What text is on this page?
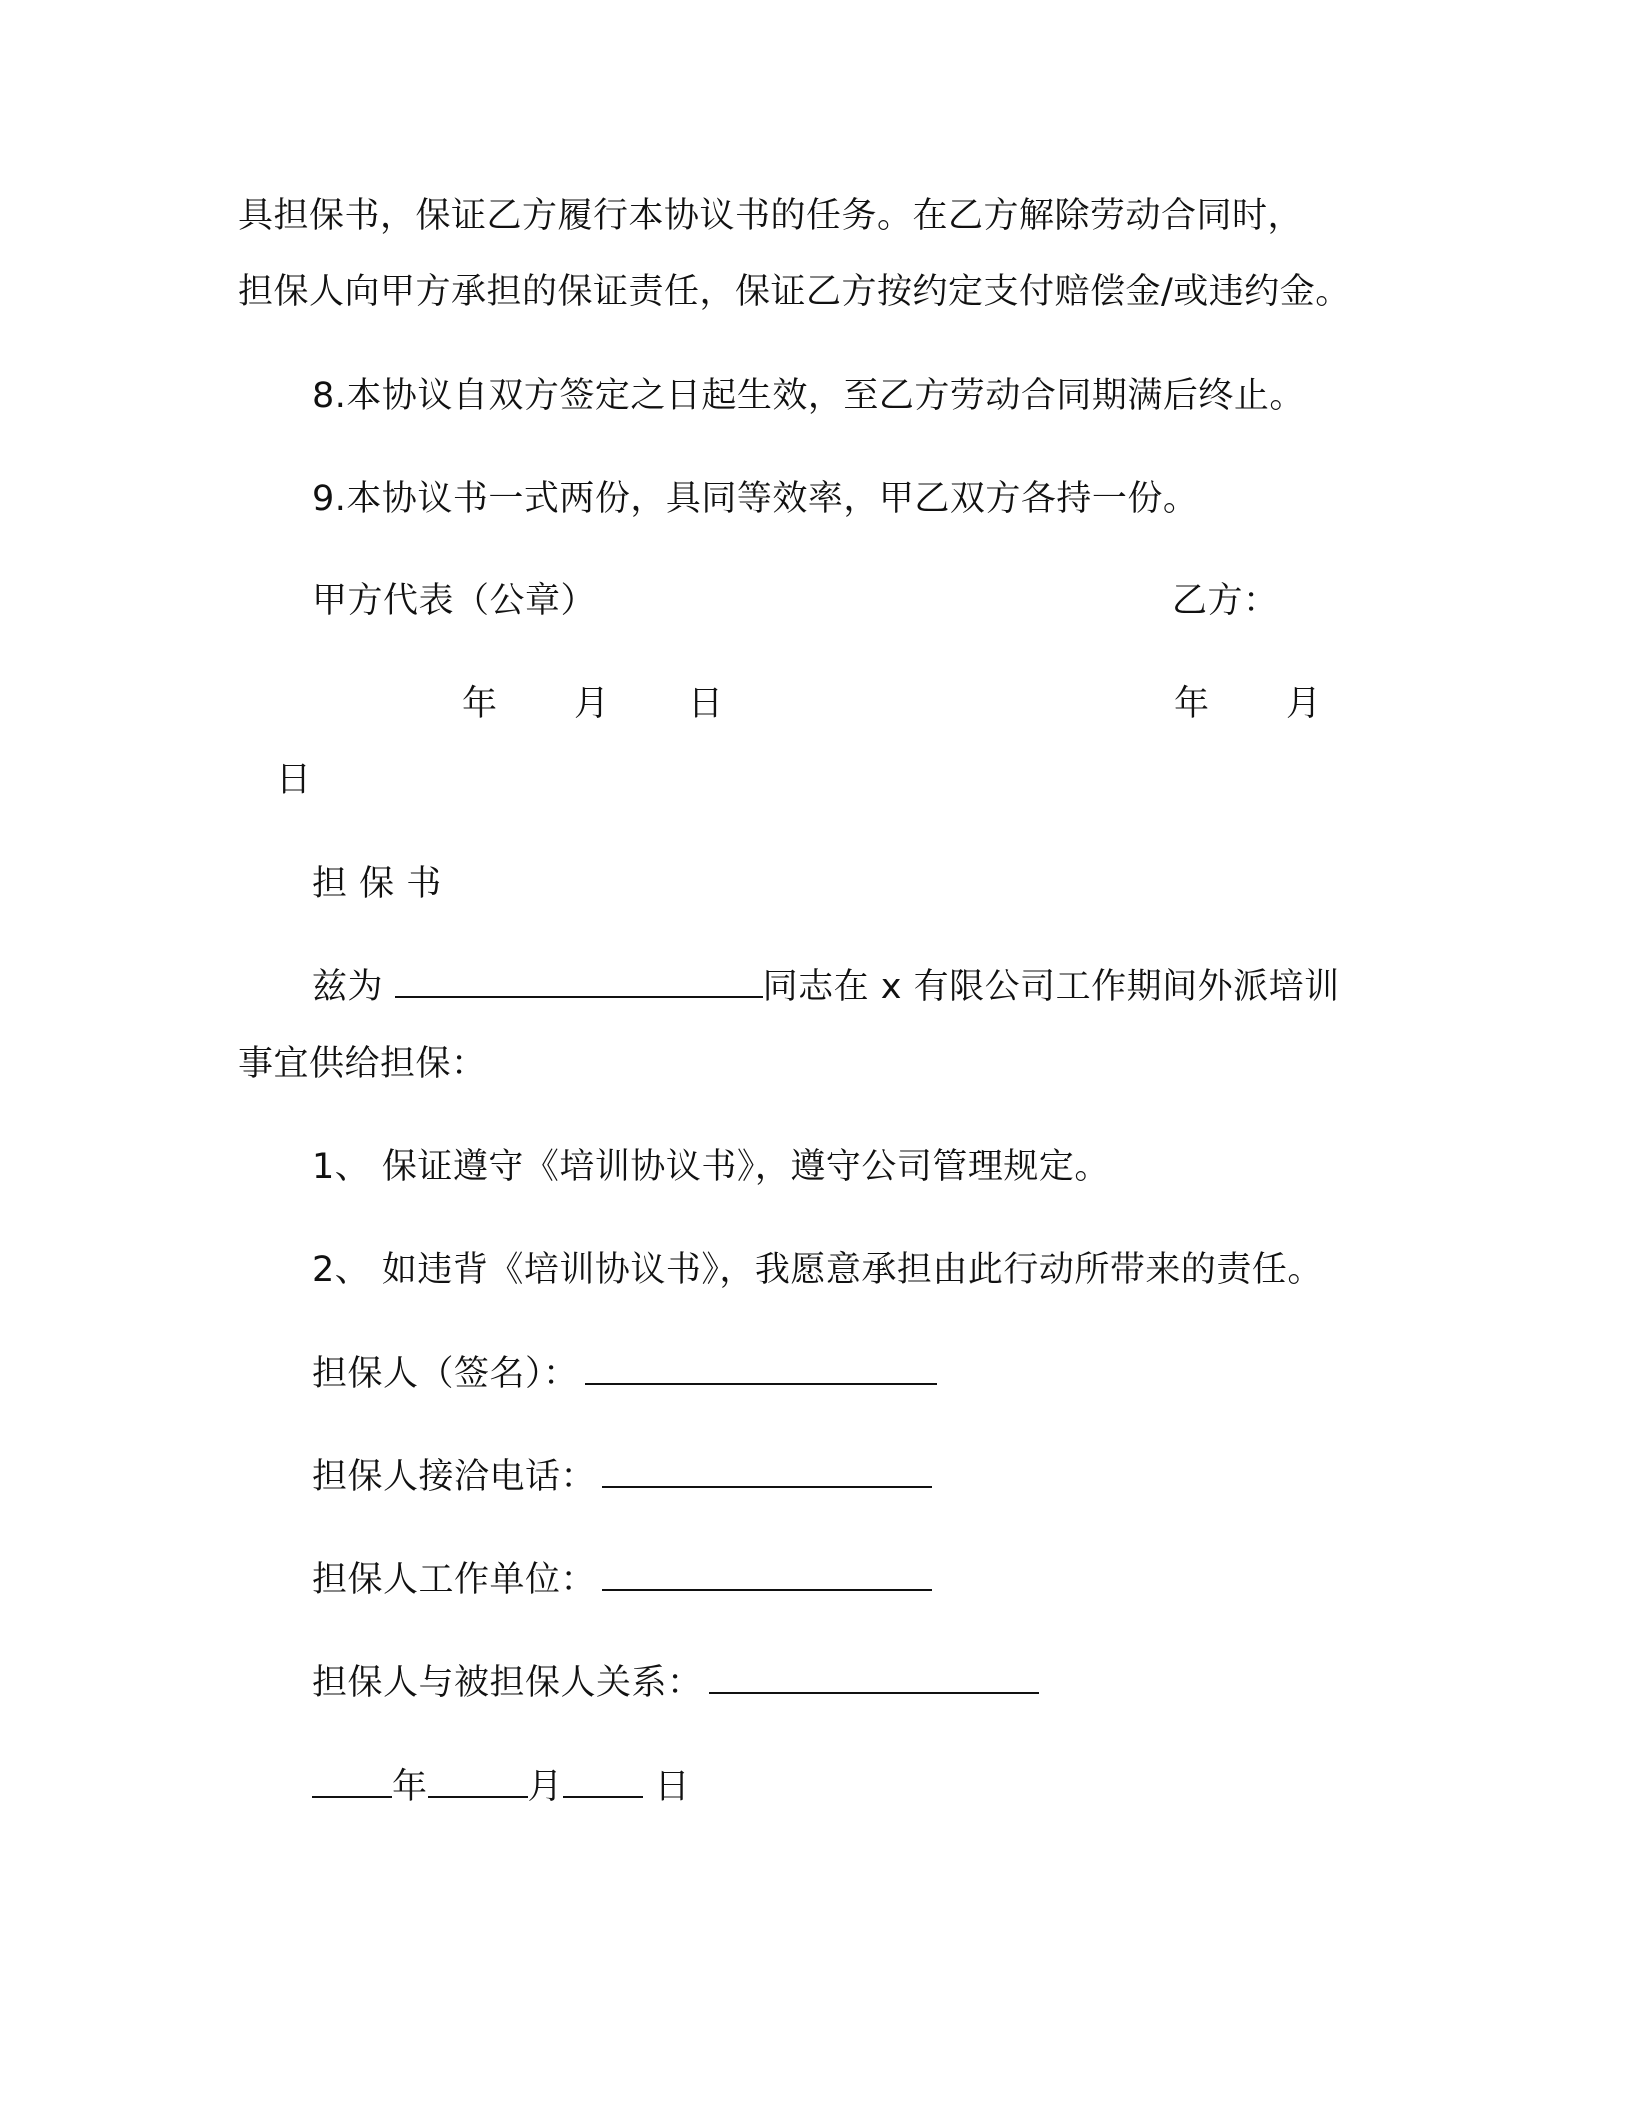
具担保书，保证乙方履行本协议书的任务。在乙方解除劳动合同时，
担保人向甲方承担的保证责任，保证乙方按约定支付赔偿金/或违约金。
8.本协议自双方签定之日起生效，至乙方劳动合同期满后终止。
9.本协议书一式两份，具同等效率，甲乙双方各持一份。
甲方代表（公章）	乙方：
年 月 日	年 月
日
担 保 书
兹为	同志在 x 有限公司工作期间外派培训
事宜供给担保：
1、 保证遵守《培训协议书》，遵守公司管理规定。
2、 如违背《培训协议书》，我愿意承担由此行动所带来的责任。
担保人（签名）：
担保人接洽电话：
担保人工作单位：
担保人与被担保人关系：
年	月	日
